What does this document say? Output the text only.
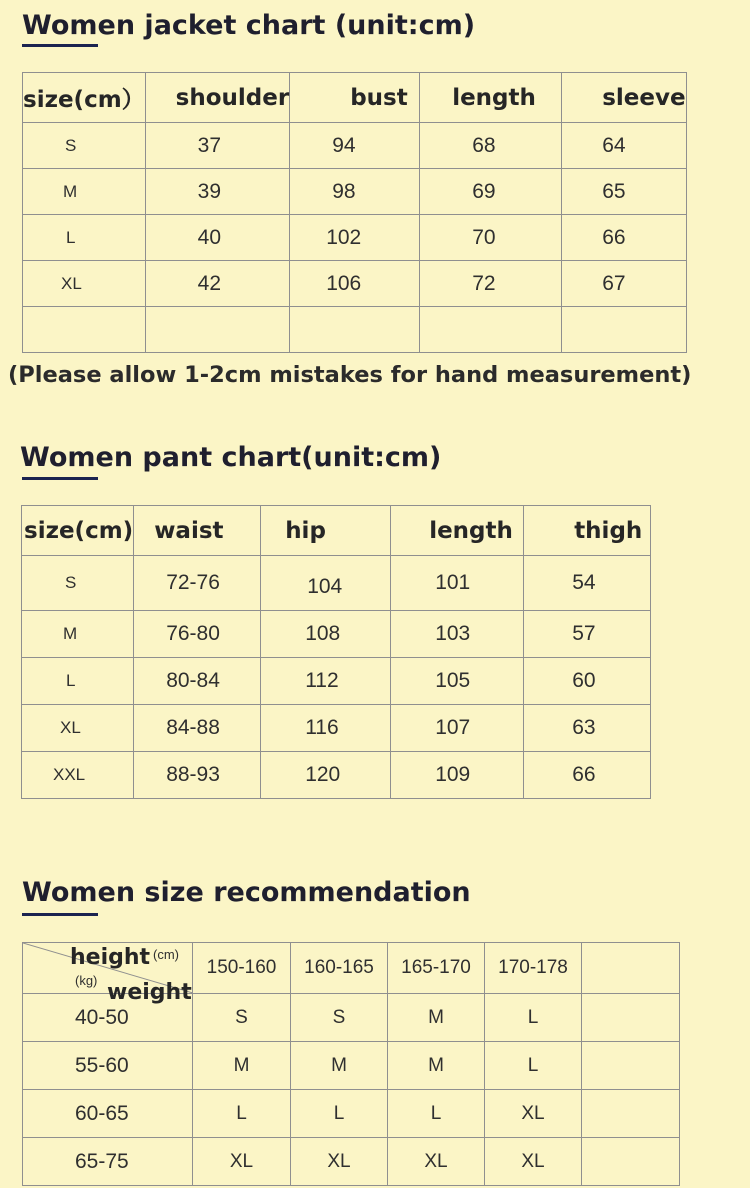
Women jacket chart (unit:cm)
size(cm）	shoulder	bust	length	sleeve
S	37	94	68	64
M	39	98	69	65
L	40	102	70	66
XL	42	106	72	67

(Please allow 1-2cm mistakes for hand measurement)
Women pant chart(unit:cm)
size(cm)	waist	hip	length	thigh
S	72-76	104	101	54
M	76-80	108	103	57
L	80-84	112	105	60
XL	84-88	116	107	63
XXL	88-93	120	109	66
Women size recommendation
height (cm)
(kg) weight	150-160	160-165	165-170	170-178	
40-50	S	S	M	L	
55-60	M	M	M	L	
60-65	L	L	L	XL	
65-75	XL	XL	XL	XL	
